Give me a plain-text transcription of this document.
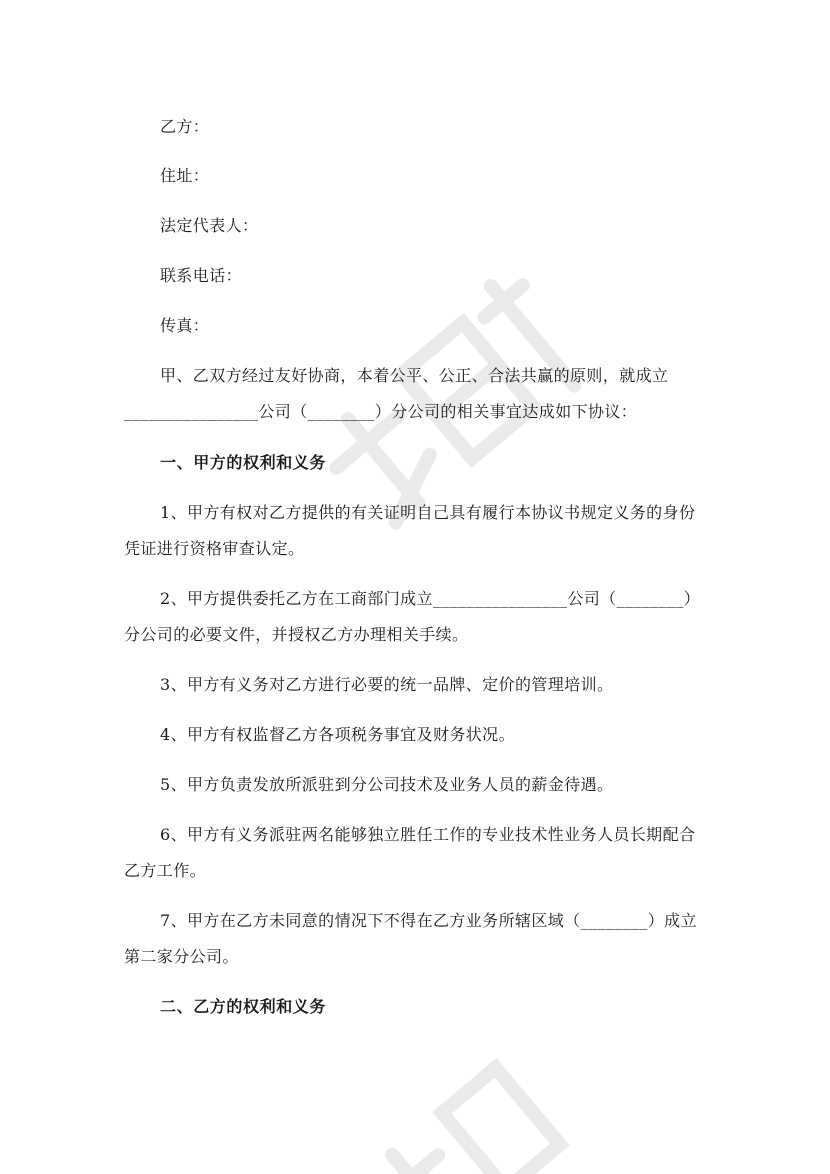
乙方：
住址：
法定代表人：
联系电话：
传真：
甲、乙双方经过友好协商，本着公平、公正、合法共赢的原则，就成立
________________公司（________）分公司的相关事宜达成如下协议：
一、甲方的权利和义务
1、甲方有权对乙方提供的有关证明自己具有履行本协议书规定义务的身份
凭证进行资格审查认定。
2、甲方提供委托乙方在工商部门成立________________公司（________）
分公司的必要文件，并授权乙方办理相关手续。
3、甲方有义务对乙方进行必要的统一品牌、定价的管理培训。
4、甲方有权监督乙方各项税务事宜及财务状况。
5、甲方负责发放所派驻到分公司技术及业务人员的薪金待遇。
6、甲方有义务派驻两名能够独立胜任工作的专业技术性业务人员长期配合
乙方工作。
7、甲方在乙方未同意的情况下不得在乙方业务所辖区域（________）成立
第二家分公司。
二、乙方的权利和义务
